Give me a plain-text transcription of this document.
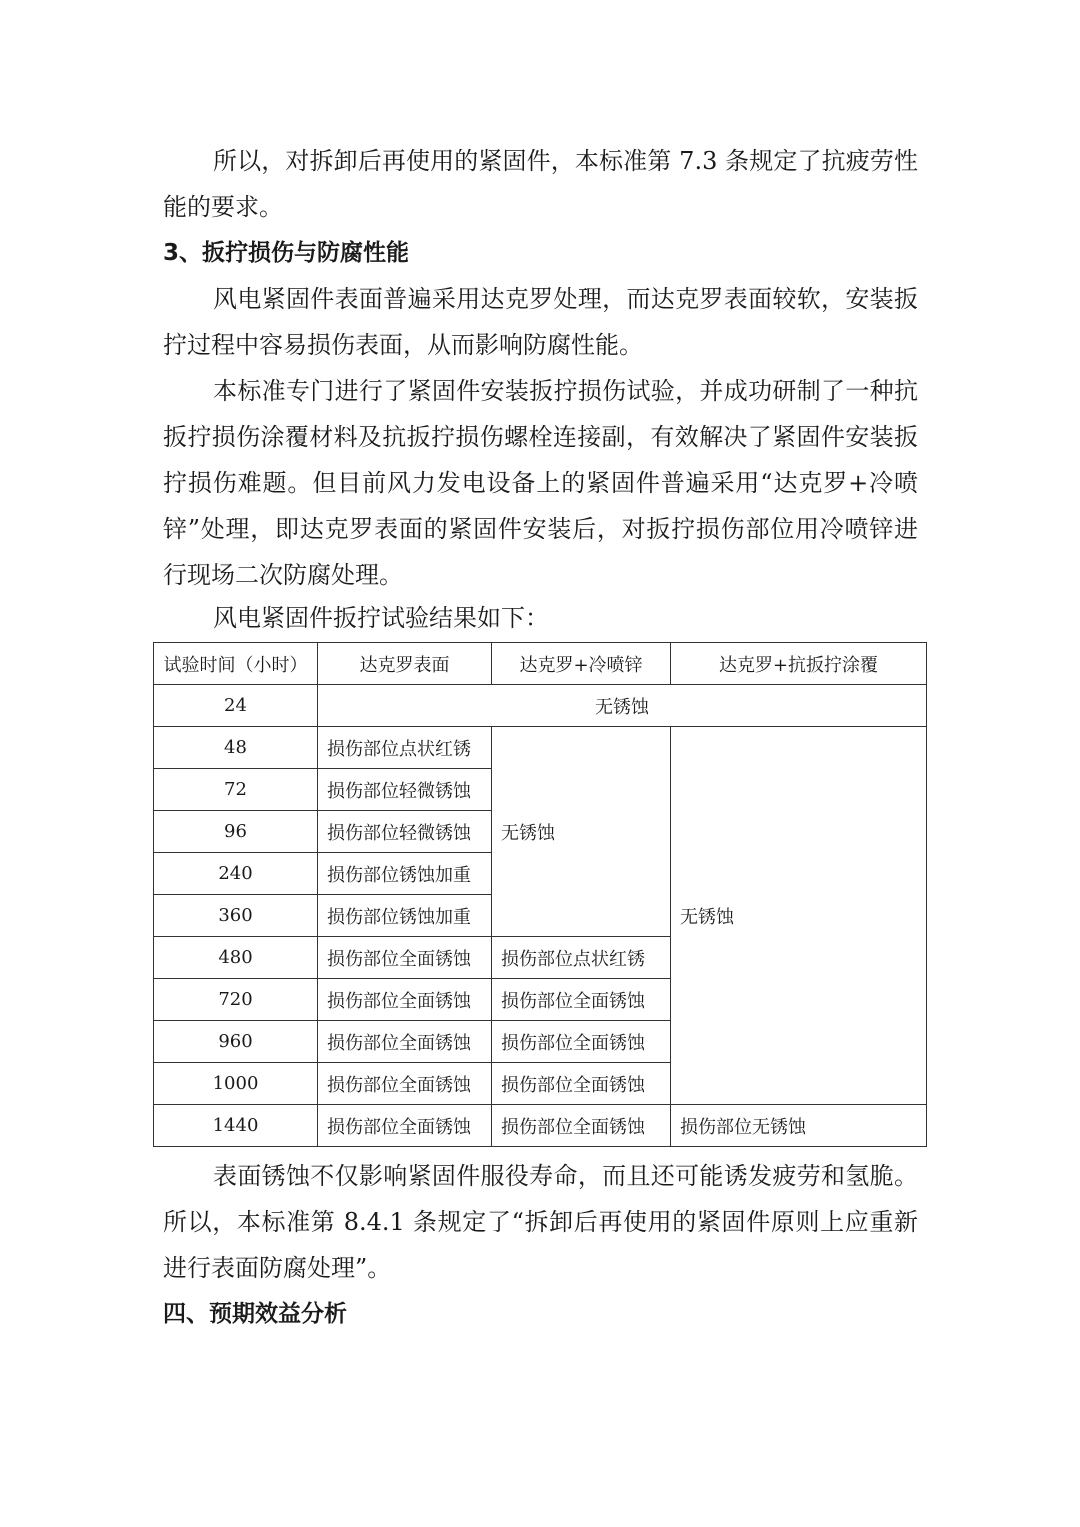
所以，对拆卸后再使用的紧固件，本标准第 7.3 条规定了抗疲劳性能的要求。

3、扳拧损伤与防腐性能

风电紧固件表面普遍采用达克罗处理，而达克罗表面较软，安装扳拧过程中容易损伤表面，从而影响防腐性能。

本标准专门进行了紧固件安装扳拧损伤试验，并成功研制了一种抗扳拧损伤涂覆材料及抗扳拧损伤螺栓连接副，有效解决了紧固件安装扳拧损伤难题。但目前风力发电设备上的紧固件普遍采用“达克罗+冷喷锌”处理，即达克罗表面的紧固件安装后，对扳拧损伤部位用冷喷锌进行现场二次防腐处理。

风电紧固件扳拧试验结果如下：

试验时间（小时）	达克罗表面	达克罗+冷喷锌	达克罗+抗扳拧涂覆
24	无锈蚀		
48	损伤部位点状红锈	无锈蚀	无锈蚀
72	损伤部位轻微锈蚀		
96	损伤部位轻微锈蚀		
240	损伤部位锈蚀加重		
360	损伤部位锈蚀加重		
480	损伤部位全面锈蚀	损伤部位点状红锈	
720	损伤部位全面锈蚀	损伤部位全面锈蚀	
960	损伤部位全面锈蚀	损伤部位全面锈蚀	
1000	损伤部位全面锈蚀	损伤部位全面锈蚀	
1440	损伤部位全面锈蚀	损伤部位全面锈蚀	损伤部位无锈蚀

表面锈蚀不仅影响紧固件服役寿命，而且还可能诱发疲劳和氢脆。所以，本标准第 8.4.1 条规定了“拆卸后再使用的紧固件原则上应重新进行表面防腐处理”。

四、预期效益分析
